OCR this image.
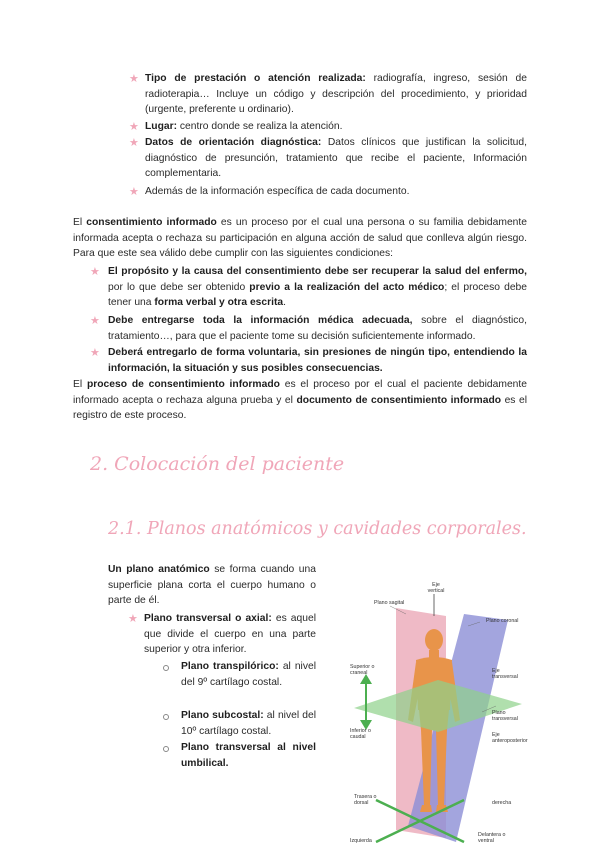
★ Tipo de prestación o atención realizada: radiografía, ingreso, sesión de radioterapia… Incluye un código y descripción del procedimiento, y prioridad (urgente, preferente u ordinario).
★ Lugar: centro donde se realiza la atención.
★ Datos de orientación diagnóstica: Datos clínicos que justifican la solicitud, diagnóstico de presunción, tratamiento que recibe el paciente, Información complementaria.
★ Además de la información específica de cada documento.
El consentimiento informado es un proceso por el cual una persona o su familia debidamente informada acepta o rechaza su participación en alguna acción de salud que conlleva algún riesgo. Para que este sea válido debe cumplir con las siguientes condiciones:
★ El propósito y la causa del consentimiento debe ser recuperar la salud del enfermo, por lo que debe ser obtenido previo a la realización del acto médico; el proceso debe tener una forma verbal y otra escrita.
★ Debe entregarse toda la información médica adecuada, sobre el diagnóstico, tratamiento…, para que el paciente tome su decisión suficientemente informado.
★ Deberá entregarlo de forma voluntaria, sin presiones de ningún tipo, entendiendo la información, la situación y sus posibles consecuencias.
El proceso de consentimiento informado es el proceso por el cual el paciente debidamente informado acepta o rechaza alguna prueba y el documento de consentimiento informado es el registro de este proceso.
2. Colocación del paciente
2.1. Planos anatómicos y cavidades corporales.
Un plano anatómico se forma cuando una superficie plana corta el cuerpo humano o parte de él.
★ Plano transversal o axial: es aquel que divide el cuerpo en una parte superior y otra inferior.
Plano transpilórico: al nivel del 9º cartílago costal.
Plano subcostal: al nivel del 10º cartílago costal.
Plano transversal al nivel umbilical.
Eje vertical
Plano sagital
Plano coronal
Superior o craneal	Eje transversal
Plano transversal
Inferior o caudal	Eje anteroposterior
Trasera o dorsal	derecha
Izquierda
Delantera o ventral
